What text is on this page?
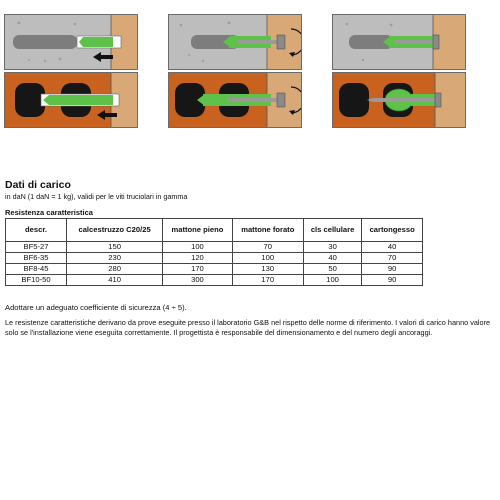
Dati di carico

in daN (1 daN = 1 kg), validi per le viti truciolari in gamma

Resistenza caratteristica

descr.	calcestruzzo C20/25	mattone pieno	mattone forato	cls cellulare	cartongesso
BF5-27	150	100	70	30	40
BF6-35	230	120	100	40	70
BF8-45	280	170	130	50	90
BF10-50	410	300	170	100	90

Adottare un adeguato coefficiente di sicurezza (4 ÷ 5).

Le resistenze caratteristiche derivano da prove eseguite presso il laboratorio G&B nel rispetto delle norme di riferimento. I valori di carico hanno valore solo se l'installazione viene eseguita correttamente. Il progettista è responsabile del dimensionamento e del numero degli ancoraggi.
